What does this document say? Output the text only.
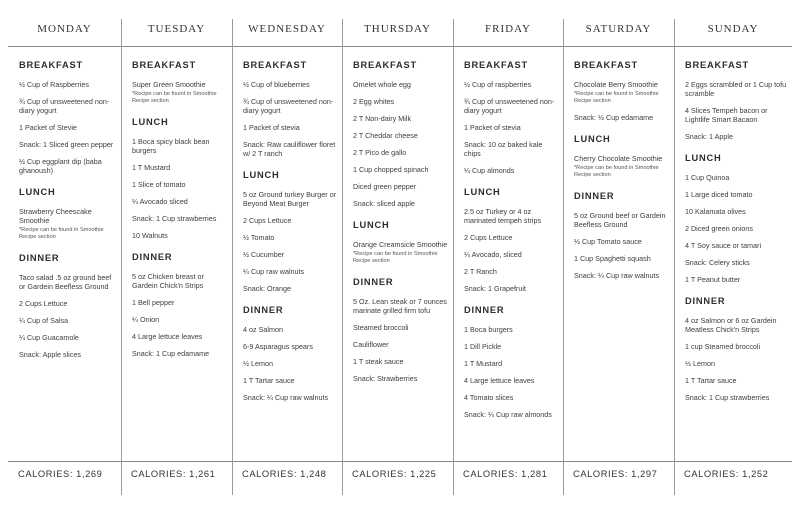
MONDAY
BREAKFAST
½ Cup of Raspberries
¾ Cup of unsweetened non-diary yogurt
1 Packet of Stevie
Snack: 1 Sliced green pepper
½ Cup eggplant dip (baba ghanoush)
LUNCH
Strawberry Cheescake Smoothie
*Recipe can be found in Smoothie Recipe section
DINNER
Taco salad .5 oz ground beef or Gardein Beefless Ground
2 Cups Lettuce
¼ Cup of Salsa
¼ Cup Guacamole
Snack: Apple slices
CALORIES: 1,269
TUESDAY
BREAKFAST
Super Green Smoothie
*Recipe can be found in Smoothie Recipe section
LUNCH
1 Boca spicy black bean burgers
1 T Mustard
1 Slice of tomato
¼ Avocado sliced
Snack: 1 Cup strawberries
10 Walnuts
DINNER
5 oz Chicken breast or Gardein Chick'n Strips
1 Bell pepper
¼ Onion
4 Large lettuce leaves
Snack: 1 Cup edamame
CALORIES: 1,261
WEDNESDAY
BREAKFAST
½ Cup of blueberries
¾ Cup of unsweetened non-diary yogurt
1 Packet of stevia
Snack: Raw cauliflower floret w/ 2 T ranch
LUNCH
5 oz Ground turkey Burger or Beyond Meat Burger
2 Cups Lettuce
½ Tomato
½ Cucumber
¼ Cup raw walnuts
Snack: Orange
DINNER
4 oz Salmon
6-9 Asparagus spears
½ Lemon
1 T Tartar sauce
Snack: ¼ Cup raw walnuts
CALORIES: 1,248
THURSDAY
BREAKFAST
Omelet whole egg
2 Egg whites
2 T Non-dairy Milk
2 T Cheddar cheese
2 T Pico de gallo
1 Cup chopped spinach
Diced green pepper
Snack: sliced apple
LUNCH
Orange Creamsicle Smoothie
*Recipe can be found in Smoothie Recipe section
DINNER
5 Oz. Lean steak or 7 ounces marinate grilled firm tofu
Steamed broccoli
Cauliflower
1 T steak sauce
Snack: Strawberries
CALORIES: 1,225
FRIDAY
BREAKFAST
½ Cup of raspberries
¾ Cup of unsweetened non-diary yogurt
1 Packet of stevia
Snack: 10 oz baked kale chips
¼ Cup almonds
LUNCH
2.5 oz Turkey or 4 oz marinated tempeh strips
2 Cups Lettuce
¼ Avocado, sliced
2 T Ranch
Snack: 1 Grapefruit
DINNER
1 Boca burgers
1 Dill Pickle
1 T Mustard
4 Large lettuce leaves
4 Tomato slices
Snack: ¼ Cup raw almonds
CALORIES: 1,281
SATURDAY
BREAKFAST
Chocolate Berry Smoothie
*Recipe can be found in Smoothie Recipe section
Snack: ½ Cup edamame
LUNCH
Cherry Chocolate Smoothie
*Recipe can be found in Smoothie Recipe section
DINNER
5 oz Ground beef or Gardein Beefless Ground
½ Cup Tomato sauce
1 Cup Spaghetti squash
Snack: ¼ Cup raw walnuts
CALORIES: 1,297
SUNDAY
BREAKFAST
2 Eggs scrambled or 1 Cup tofu scramble
4 Slices Tempeh bacon or Lightlife Smart Bacaon
Snack: 1 Apple
LUNCH
1 Cup Quinoa
1 Large diced tomato
10 Kalamata olives
2 Diced green onions
4 T Soy sauce or tamari
Snack: Celery sticks
1 T Peanut butter
DINNER
4 oz Salmon or 6 oz Gardein Meatless Chick'n Strips
1 cup Steamed broccoli
½ Lemon
1 T Tartar sauce
Snack: 1 Cup strawberries
CALORIES: 1,252
